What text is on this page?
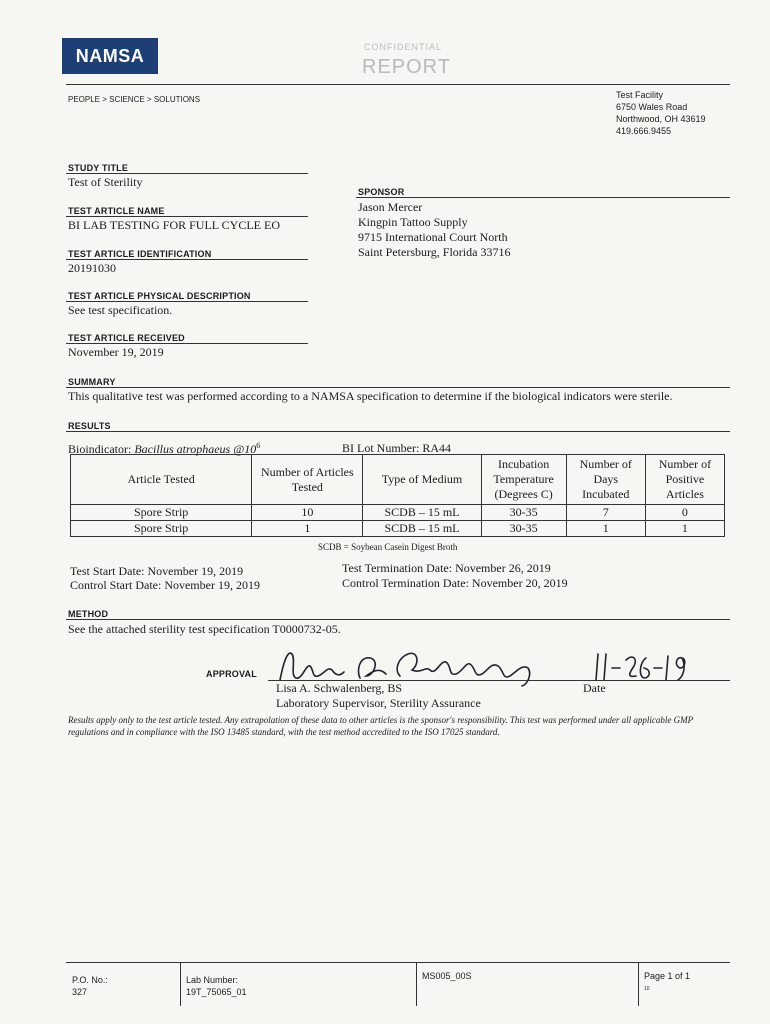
NAMSA	CONFIDENTIAL
REPORT
PEOPLE > SCIENCE > SOLUTIONS	Test Facility
6750 Wales Road
Northwood, OH 43619
419.666.9455
STUDY TITLE
Test of Sterility
TEST ARTICLE NAME
BI LAB TESTING FOR FULL CYCLE EO
TEST ARTICLE IDENTIFICATION
20191030
TEST ARTICLE PHYSICAL DESCRIPTION
See test specification.
TEST ARTICLE RECEIVED
November 19, 2019
SPONSOR
Jason Mercer
Kingpin Tattoo Supply
9715 International Court North
Saint Petersburg, Florida 33716
SUMMARY
This qualitative test was performed according to a NAMSA specification to determine if the biological indicators were sterile.
RESULTS
Bioindicator: Bacillus atrophaeus $@10^6$	BI Lot Number: RA44
Article Tested	Number of Articles Tested	Type of Medium	Incubation Temperature (Degrees C)	Number of Days Incubated	Number of Positive Articles
Spore Strip	10	SCDB – 15 mL	30-35	7	0
Spore Strip	1	SCDB – 15 mL	30-35	1	1
SCDB = Soybean Casein Digest Broth
Test Start Date: November 19, 2019
Control Start Date: November 19, 2019
Test Termination Date: November 26, 2019
Control Termination Date: November 20, 2019
METHOD
See the attached sterility test specification T0000732-05.
APPROVAL
Lisa A. Schwalenberg, BS
Laboratory Supervisor, Sterility Assurance
Date
Results apply only to the test article tested. Any extrapolation of these data to other articles is the sponsor's responsibility. This test was performed under all applicable GMP regulations and in compliance with the ISO 13485 standard, with the test method accredited to the ISO 17025 standard.
P.O. No.:
327
Lab Number:
19T_75065_01
MS005_00S	Page 1 of 1
10
